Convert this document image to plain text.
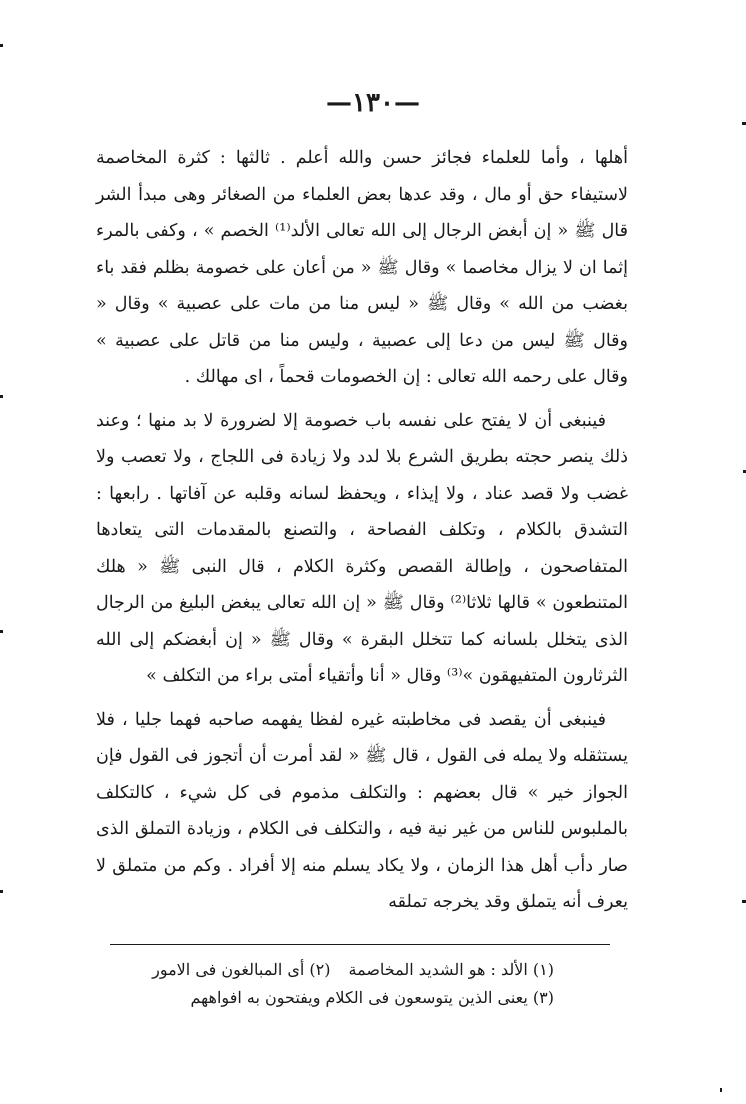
—١٣٠—

أهلها ، وأما للعلماء فجائز حسن والله أعلم . ثالثها : كثرة المخاصمة لاستيفاء حق أو مال ، وقد عدها بعض العلماء من الصغائر وهى مبدأ الشر قال ﷺ « إن أبغض الرجال إلى الله تعالى الألد⁽¹⁾ الخصم » ، وكفى بالمرء إثما ان لا يزال مخاصما » وقال ﷺ « من أعان على خصومة بظلم فقد باء بغضب من الله » وقال ﷺ « ليس منا من مات على عصبية » وقال « وقال ﷺ ليس من دعا إلى عصبية ، وليس منا من قاتل على عصبية » وقال على رحمه الله تعالى : إن الخصومات قحماً ، اى مهالك .

فينبغى أن لا يفتح على نفسه باب خصومة إلا لضرورة لا بد منها ؛ وعند ذلك ينصر حجته بطريق الشرع بلا لدد ولا زيادة فى اللجاج ، ولا تعصب ولا غضب ولا قصد عناد ، ولا إيذاء ، ويحفظ لسانه وقلبه عن آفاتها . رابعها : التشدق بالكلام ، وتكلف الفصاحة ، والتصنع بالمقدمات التى يتعادها المتفاصحون ، وإطالة القصص وكثرة الكلام ، قال النبى ﷺ « هلك المتنطعون » قالها ثلاثا⁽²⁾ وقال ﷺ « إن الله تعالى يبغض البليغ من الرجال الذى يتخلل بلسانه كما تتخلل البقرة » وقال ﷺ « إن أبغضكم إلى الله الثرثارون المتفيهقون »⁽³⁾ وقال « أنا وأتقياء أمتى براء من التكلف »

فينبغى أن يقصد فى مخاطبته غيره لفظا يفهمه صاحبه فهما جليا ، فلا يستثقله ولا يمله فى القول ، قال ﷺ « لقد أمرت أن أتجوز فى القول فإن الجواز خير » قال بعضهم : والتكلف مذموم فى كل شيء ، كالتكلف بالملبوس للناس من غير نية فيه ، والتكلف فى الكلام ، وزيادة التملق الذى صار دأب أهل هذا الزمان ، ولا يكاد يسلم منه إلا أفراد . وكم من متملق لا يعرف أنه يتملق وقد يخرجه تملقه

(١) الألد : هو الشديد المخاصمة(٢) أى المبالغون فى الامور

(٣) يعنى الذين يتوسعون فى الكلام ويفتحون به افواههم
